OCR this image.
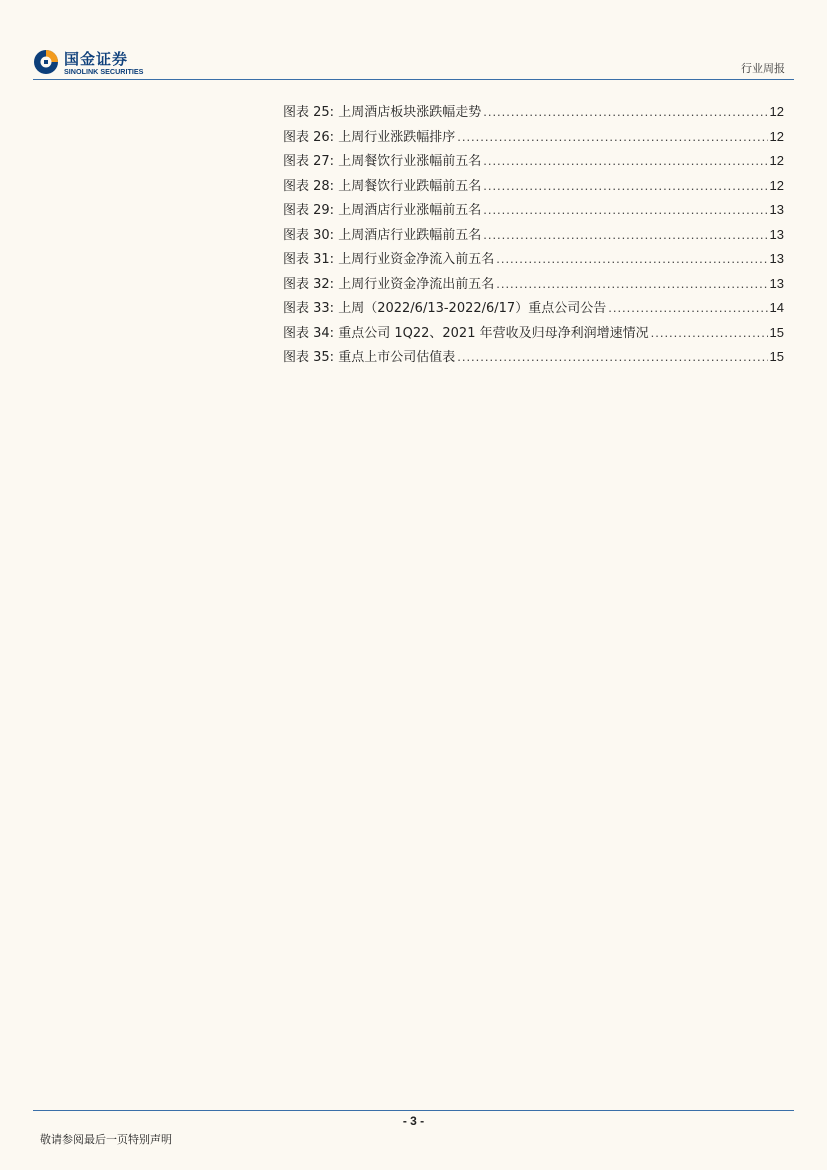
国金证券
SINOLINK SECURITIES	行业周报
图表 25: 上周酒店板块涨跌幅走势 .....	12
图表 26: 上周行业涨跌幅排序 .....	12
图表 27: 上周餐饮行业涨幅前五名 .....	12
图表 28: 上周餐饮行业跌幅前五名 .....	12
图表 29: 上周酒店行业涨幅前五名 .....	13
图表 30: 上周酒店行业跌幅前五名 .....	13
图表 31: 上周行业资金净流入前五名 .....	13
图表 32: 上周行业资金净流出前五名 .....	13
图表 33: 上周（2022/6/13-2022/6/17）重点公司公告 .....	14
图表 34: 重点公司 1Q22、2021 年营收及归母净利润增速情况 .....	15
图表 35: 重点上市公司估值表 .....	15
- 3 -
敬请参阅最后一页特别声明
